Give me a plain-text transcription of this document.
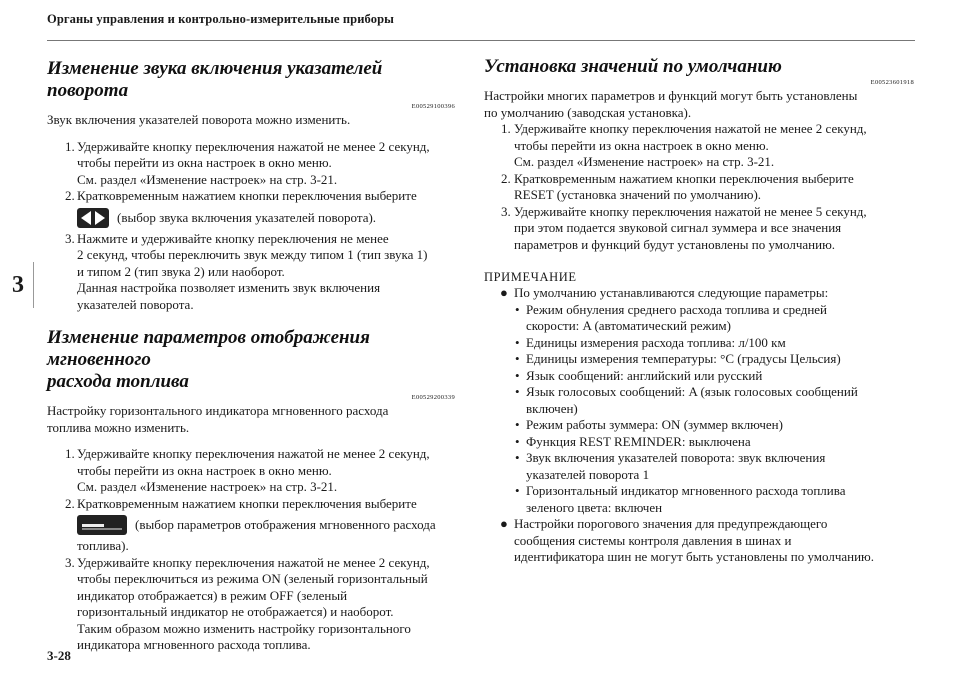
Органы управления и контрольно-измерительные приборы
3
Изменение звука включения указателей поворота
E00529100396

Звук включения указателей поворота можно изменить.

1. Удерживайте кнопку переключения нажатой не менее 2 секунд,
чтобы перейти из окна настроек в окно меню.
См. раздел «Изменение настроек» на стр. 3-21.
2. Кратковременным нажатием кнопки переключения выберите
(выбор звука включения указателей поворота).
3. Нажмите и удерживайте кнопку переключения не менее
2 секунд, чтобы переключить звук между типом 1 (тип звука 1)
и типом 2 (тип звука 2) или наоборот.
Данная настройка позволяет изменить звук включения
указателей поворота.
Изменение параметров отображения мгновенного
расхода топлива
E00529200339

Настройку горизонтального индикатора мгновенного расхода
топлива можно изменить.

1. Удерживайте кнопку переключения нажатой не менее 2 секунд,
чтобы перейти из окна настроек в окно меню.
См. раздел «Изменение настроек» на стр. 3-21.
2. Кратковременным нажатием кнопки переключения выберите
(выбор параметров отображения мгновенного расхода
топлива).
3. Удерживайте кнопку переключения нажатой не менее 2 секунд,
чтобы переключиться из режима ON (зеленый горизонтальный
индикатор отображается) в режим OFF (зеленый
горизонтальный индикатор не отображается) и наоборот.
Таким образом можно изменить настройку горизонтального
индикатора мгновенного расхода топлива.
Установка значений по умолчанию
E00523601918

Настройки многих параметров и функций могут быть установлены
по умолчанию (заводская установка).

1. Удерживайте кнопку переключения нажатой не менее 2 секунд,
чтобы перейти из окна настроек в окно меню.
См. раздел «Изменение настроек» на стр. 3-21.
2. Кратковременным нажатием кнопки переключения выберите
RESET (установка значений по умолчанию).
3. Удерживайте кнопку переключения нажатой не менее 5 секунд,
при этом подается звуковой сигнал зуммера и все значения
параметров и функций будут установлены по умолчанию.
ПРИМЕЧАНИЕ
● По умолчанию устанавливаются следующие параметры:
• Режим обнуления среднего расхода топлива и средней
скорости: A (автоматический режим)
• Единицы измерения расхода топлива: л/100 км
• Единицы измерения температуры: °C (градусы Цельсия)
• Язык сообщений: английский или русский
• Язык голосовых сообщений: A (язык голосовых сообщений
включен)
• Режим работы зуммера: ON (зуммер включен)
• Функция REST REMINDER: выключена
• Звук включения указателей поворота: звук включения
указателей поворота 1
• Горизонтальный индикатор мгновенного расхода топлива
зеленого цвета: включен
● Настройки порогового значения для предупреждающего
сообщения системы контроля давления в шинах и
идентификатора шин не могут быть установлены по умолчанию.
3-28
